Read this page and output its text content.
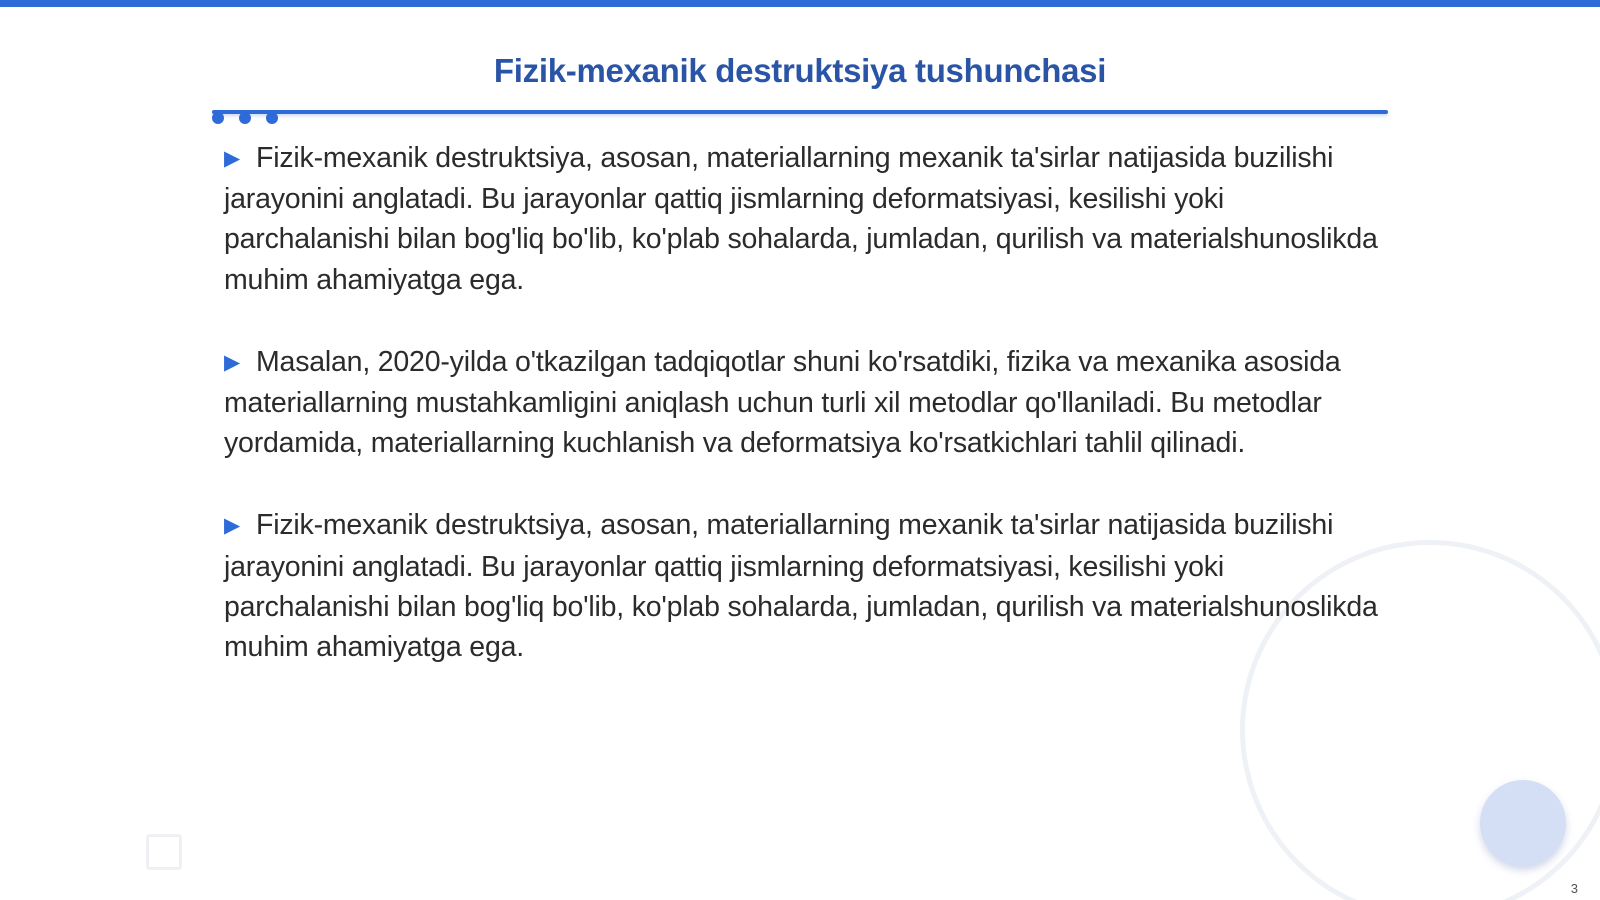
Fizik-mexanik destruktsiya tushunchasi

▶ Fizik-mexanik destruktsiya, asosan, materiallarning mexanik ta'sirlar natijasida buzilishi jarayonini anglatadi. Bu jarayonlar qattiq jismlarning deformatsiyasi, kesilishi yoki parchalanishi bilan bog'liq bo'lib, ko'plab sohalarda, jumladan, qurilish va materialshunoslikda muhim ahamiyatga ega.

▶ Masalan, 2020-yilda o'tkazilgan tadqiqotlar shuni ko'rsatdiki, fizika va mexanika asosida materiallarning mustahkamligini aniqlash uchun turli xil metodlar qo'llaniladi. Bu metodlar yordamida, materiallarning kuchlanish va deformatsiya ko'rsatkichlari tahlil qilinadi.

▶ Fizik-mexanik destruktsiya, asosan, materiallarning mexanik ta'sirlar natijasida buzilishi jarayonini anglatadi. Bu jarayonlar qattiq jismlarning deformatsiyasi, kesilishi yoki parchalanishi bilan bog'liq bo'lib, ko'plab sohalarda, jumladan, qurilish va materialshunoslikda muhim ahamiyatga ega.

3
